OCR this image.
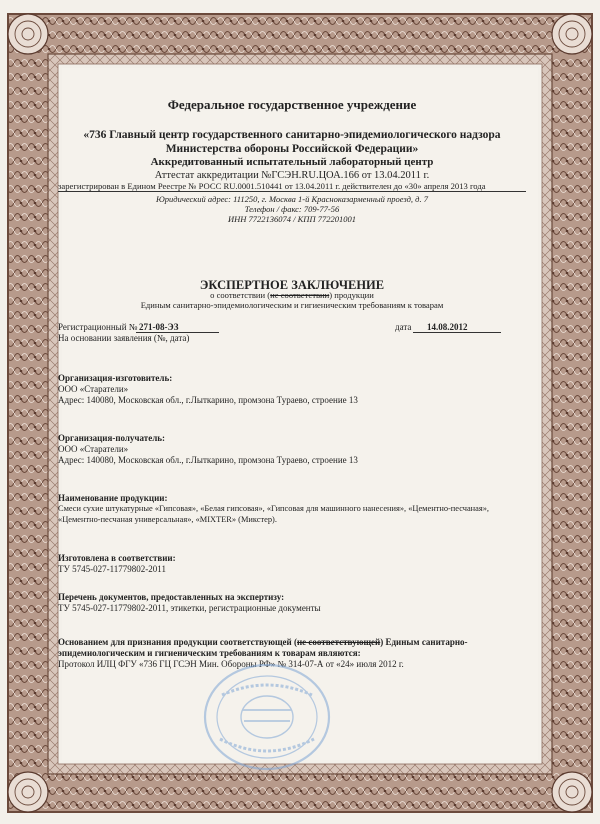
Федеральное государственное учреждение
«736 Главный центр государственного санитарно-эпидемиологического надзора
Министерства обороны Российской Федерации»
Аккредитованный испытательный лабораторный центр
Аттестат аккредитации №ГСЭН.RU.ЦОА.166 от 13.04.2011 г.
зарегистрирован в Едином Реестре № РОСС RU.0001.510441 от 13.04.2011 г. действителен до «30» апреля 2013 года
Юридический адрес: 111250, г. Москва 1-й Красноказарменный проезд, д. 7
Телефон / факс: 709-77-56
ИНН 7722136074 / КПП 772201001
ЭКСПЕРТНОЕ ЗАКЛЮЧЕНИЕ
о соответствии (не соответствии) продукции
Единым санитарно-эпидемиологическим и гигиеническим требованиям к товарам
Регистрационный № 271-08-ЭЗ	дата	14.08.2012
На основании заявления (№, дата)
Организация-изготовитель:
ООО «Старатели»
Адрес: 140080, Московская обл., г.Лыткарино, промзона Тураево, строение 13
Организация-получатель:
ООО «Старатели»
Адрес: 140080, Московская обл., г.Лыткарино, промзона Тураево, строение 13
Наименование продукции:
Смеси сухие штукатурные «Гипсовая», «Белая гипсовая», «Гипсовая для машинного нанесения», «Цементно-песчаная»,
«Цементно-песчаная универсальная», «MIXTER» (Микстер).
Изготовлена в соответствии:
ТУ 5745-027-11779802-2011
Перечень документов, предоставленных на экспертизу:
ТУ 5745-027-11779802-2011, этикетки, регистрационные документы
Основанием для признания продукции соответствующей (не соответствующей) Единым санитарно-
эпидемиологическим и гигиеническим требованиям к товарам являются:
Протокол ИЛЦ ФГУ «736 ГЦ ГСЭН Мин. Обороны РФ» № 314-07-А от «24» июля 2012 г.
